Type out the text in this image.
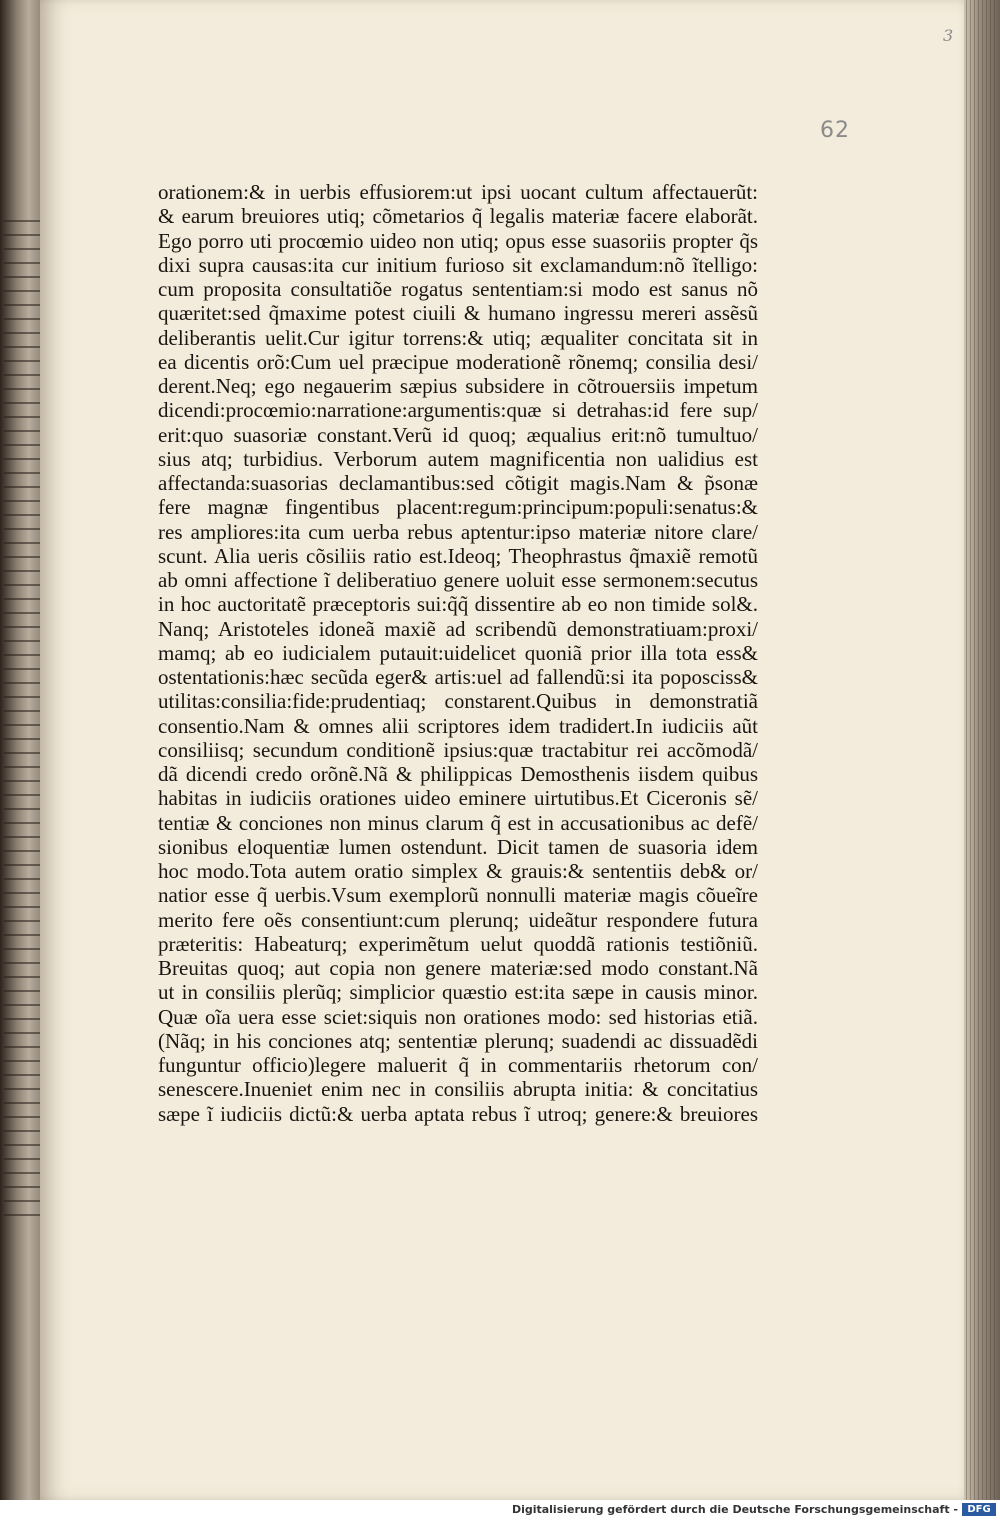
3
62
orationem:& in uerbis effusiorem:ut ipsi uocant cultum affectauerũt:
& earum breuiores utiq; cõmetarios q̃ legalis materiæ facere elaborãt.
Ego porro uti procœmio uideo non utiq; opus esse suasoriis propter q̃s
dixi supra causas:ita cur initium furioso sit exclamandum:nõ ĩtelligo:
cum proposita consultatiõe rogatus sententiam:si modo est sanus nõ
quæritet:sed q̃maxime potest ciuili & humano ingressu mereri assẽsũ
deliberantis uelit.Cur igitur torrens:& utiq; æqualiter concitata sit in
ea dicentis orõ:Cum uel præcipue moderationẽ rõnemq; consilia desi/
derent.Neq; ego negauerim sæpius subsidere in cõtrouersiis impetum
dicendi:procœmio:narratione:argumentis:quæ si detrahas:id fere sup/
erit:quo suasoriæ constant.Verũ id quoq; æqualius erit:nõ tumultuo/
sius atq; turbidius. Verborum autem magnificentia non ualidius est
affectanda:suasorias declamantibus:sed cõtigit magis.Nam & p̃sonæ
fere magnæ fingentibus placent:regum:principum:populi:senatus:&
res ampliores:ita cum uerba rebus aptentur:ipso materiæ nitore clare/
scunt. Alia ueris cõsiliis ratio est.Ideoq; Theophrastus q̃maxiẽ remotũ
ab omni affectione ĩ deliberatiuo genere uoluit esse sermonem:secutus
in hoc auctoritatẽ præceptoris sui:q̃q̃ dissentire ab eo non timide sol&.
Nanq; Aristoteles idoneã maxiẽ ad scribendũ demonstratiuam:proxi/
mamq; ab eo iudicialem putauit:uidelicet quoniã prior illa tota ess&
ostentationis:hæc secũda eger& artis:uel ad fallendũ:si ita poposciss&
utilitas:consilia:fide:prudentiaq; constarent.Quibus in demonstratiã
consentio.Nam & omnes alii scriptores idem tradidert.In iudiciis aũt
consiliisq; secundum conditionẽ ipsius:quæ tractabitur rei accõmodã/
dã dicendi credo orõnẽ.Nã & philippicas Demosthenis iisdem quibus
habitas in iudiciis orationes uideo eminere uirtutibus.Et Ciceronis sẽ/
tentiæ & conciones non minus clarum q̃ est in accusationibus ac defẽ/
sionibus eloquentiæ lumen ostendunt. Dicit tamen de suasoria idem
hoc modo.Tota autem oratio simplex & grauis:& sententiis deb& or/
natior esse q̃ uerbis.Vsum exemplorũ nonnulli materiæ magis cõueĩre
merito fere oẽs consentiunt:cum plerunq; uideãtur respondere futura
præteritis: Habeaturq; experimẽtum uelut quoddã rationis testiõniũ.
Breuitas quoq; aut copia non genere materiæ:sed modo constant.Nã
ut in consiliis plerũq; simplicior quæstio est:ita sæpe in causis minor.
Quæ oĩa uera esse sciet:siquis non orationes modo: sed historias etiã.
(Nãq; in his conciones atq; sententiæ plerunq; suadendi ac dissuadẽdi
funguntur officio)legere maluerit q̃ in commentariis rhetorum con/
senescere.Inueniet enim nec in consiliis abrupta initia: & concitatius
sæpe ĩ iudiciis dictũ:& uerba aptata rebus ĩ utroq; genere:& breuiores
Digitalisierung gefördert durch die Deutsche Forschungsgemeinschaft - DFG
